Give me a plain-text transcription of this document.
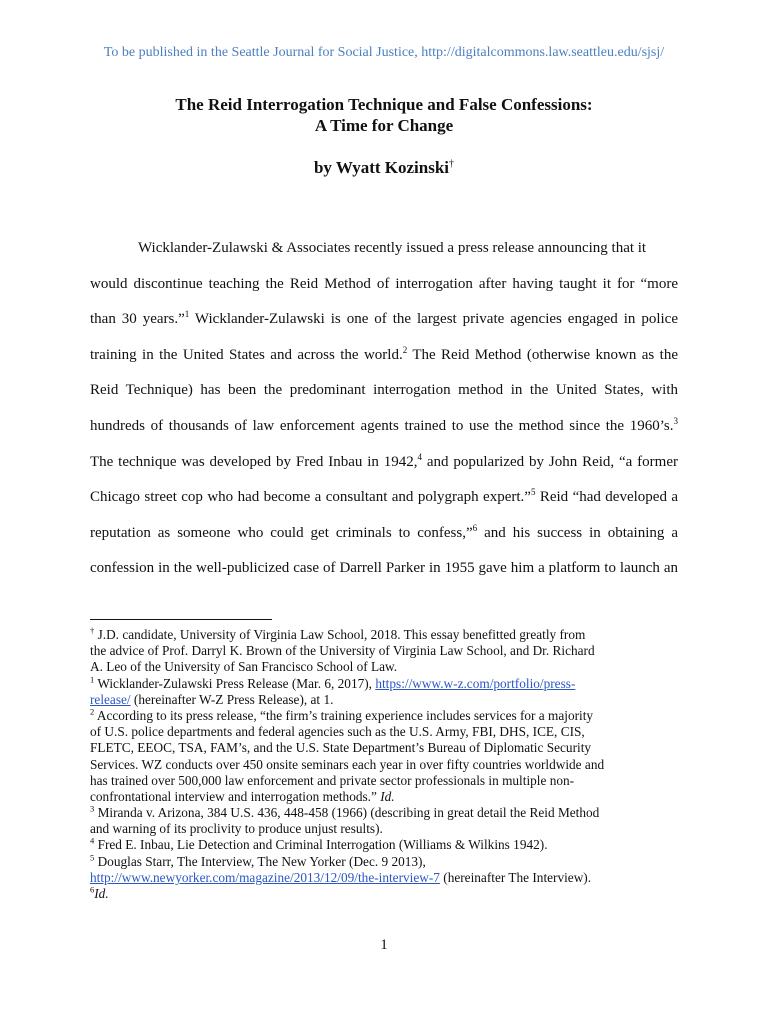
To be published in the Seattle Journal for Social Justice, http://digitalcommons.law.seattleu.edu/sjsj/
The Reid Interrogation Technique and False Confessions:
A Time for Change
by Wyatt Kozinski†
Wicklander-Zulawski & Associates recently issued a press release announcing that it
would discontinue teaching the Reid Method of interrogation after having taught it for “more
than 30 years.”$^1$ Wicklander-Zulawski is one of the largest private agencies engaged in police
training in the United States and across the world.$^2$ The Reid Method (otherwise known as the
Reid Technique) has been the predominant interrogation method in the United States, with
hundreds of thousands of law enforcement agents trained to use the method since the 1960’s.$^3$
The technique was developed by Fred Inbau in 1942,$^4$ and popularized by John Reid, “a former
Chicago street cop who had become a consultant and polygraph expert.”$^5$ Reid “had developed a
reputation as someone who could get criminals to confess,”$^6$ and his success in obtaining a
confession in the well-publicized case of Darrell Parker in 1955 gave him a platform to launch an
† J.D. candidate, University of Virginia Law School, 2018. This essay benefitted greatly from
the advice of Prof. Darryl K. Brown of the University of Virginia Law School, and Dr. Richard
A. Leo of the University of San Francisco School of Law.
$^1$ Wicklander-Zulawski Press Release (Mar. 6, 2017), https://www.w-z.com/portfolio/press-
release/ (hereinafter W-Z Press Release), at 1.
$^2$ According to its press release, “the firm’s training experience includes services for a majority
of U.S. police departments and federal agencies such as the U.S. Army, FBI, DHS, ICE, CIS,
FLETC, EEOC, TSA, FAM’s, and the U.S. State Department’s Bureau of Diplomatic Security
Services. WZ conducts over 450 onsite seminars each year in over fifty countries worldwide and
has trained over 500,000 law enforcement and private sector professionals in multiple non-
confrontational interview and interrogation methods.” Id.
$^3$ Miranda v. Arizona, 384 U.S. 436, 448-458 (1966) (describing in great detail the Reid Method
and warning of its proclivity to produce unjust results).
$^4$ Fred E. Inbau, Lie Detection and Criminal Interrogation (Williams & Wilkins 1942).
$^5$ Douglas Starr, The Interview, The New Yorker (Dec. 9 2013),
http://www.newyorker.com/magazine/2013/12/09/the-interview-7 (hereinafter The Interview).
$^6$Id.
1
